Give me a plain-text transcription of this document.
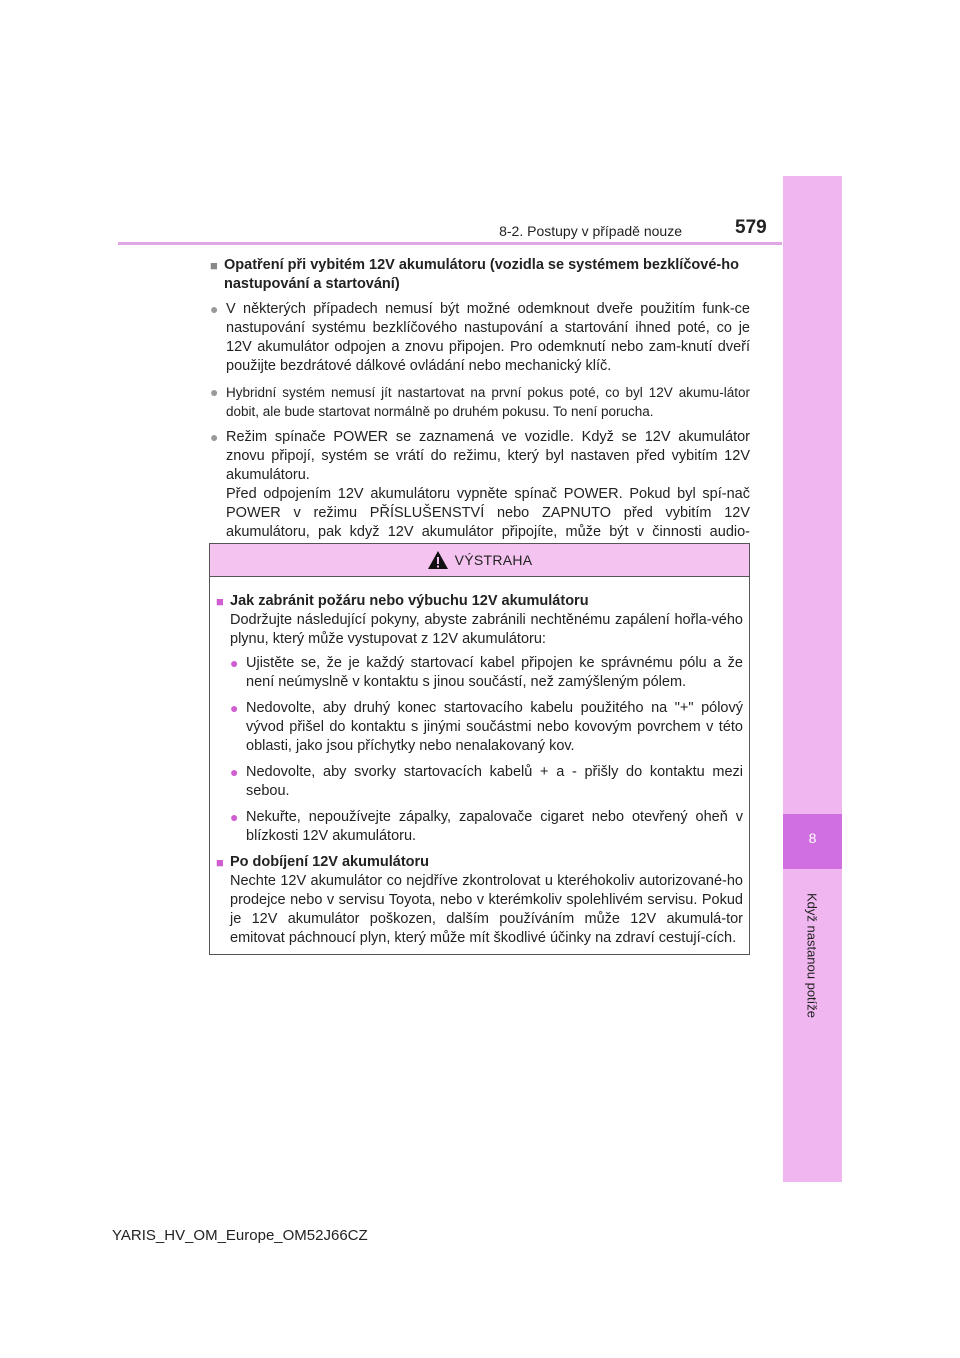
8
Když nastanou potíže
8-2. Postupy v případě nouze	579
■ Opatření při vybitém 12V akumulátoru (vozidla se systémem bezklíčové-ho nastupování a startování)
● V některých případech nemusí být možné odemknout dveře použitím funk-ce nastupování systému bezklíčového nastupování a startování ihned poté, co je 12V akumulátor odpojen a znovu připojen. Pro odemknutí nebo zam-knutí dveří použijte bezdrátové dálkové ovládání nebo mechanický klíč.
● Hybridní systém nemusí jít nastartovat na první pokus poté, co byl 12V akumu-látor dobit, ale bude startovat normálně po druhém pokusu. To není porucha.
● Režim spínače POWER se zaznamená ve vozidle. Když se 12V akumulátor znovu připojí, systém se vrátí do režimu, který byl nastaven před vybitím 12V akumulátoru.
Před odpojením 12V akumulátoru vypněte spínač POWER. Pokud byl spí-nač POWER v režimu PŘÍSLUŠENSTVÍ nebo ZAPNUTO před vybitím 12V akumulátoru, pak když 12V akumulátor připojíte, může být v činnosti audio-
VÝSTRAHA
■ Jak zabránit požáru nebo výbuchu 12V akumulátoru
Dodržujte následující pokyny, abyste zabránili nechtěnému zapálení hořla-vého plynu, který může vystupovat z 12V akumulátoru:
● Ujistěte se, že je každý startovací kabel připojen ke správnému pólu a že není neúmyslně v kontaktu s jinou součástí, než zamýšleným pólem.
● Nedovolte, aby druhý konec startovacího kabelu použitého na "+" pólový vývod přišel do kontaktu s jinými součástmi nebo kovovým povrchem v této oblasti, jako jsou příchytky nebo nenalakovaný kov.
● Nedovolte, aby svorky startovacích kabelů + a - přišly do kontaktu mezi sebou.
● Nekuřte, nepoužívejte zápalky, zapalovače cigaret nebo otevřený oheň v blízkosti 12V akumulátoru.
■ Po dobíjení 12V akumulátoru
Nechte 12V akumulátor co nejdříve zkontrolovat u kteréhokoliv autorizované-ho prodejce nebo v servisu Toyota, nebo v kterémkoliv spolehlivém servisu. Pokud je 12V akumulátor poškozen, dalším používáním může 12V akumulá-tor emitovat páchnoucí plyn, který může mít škodlivé účinky na zdraví cestují-cích.
YARIS_HV_OM_Europe_OM52J66CZ
